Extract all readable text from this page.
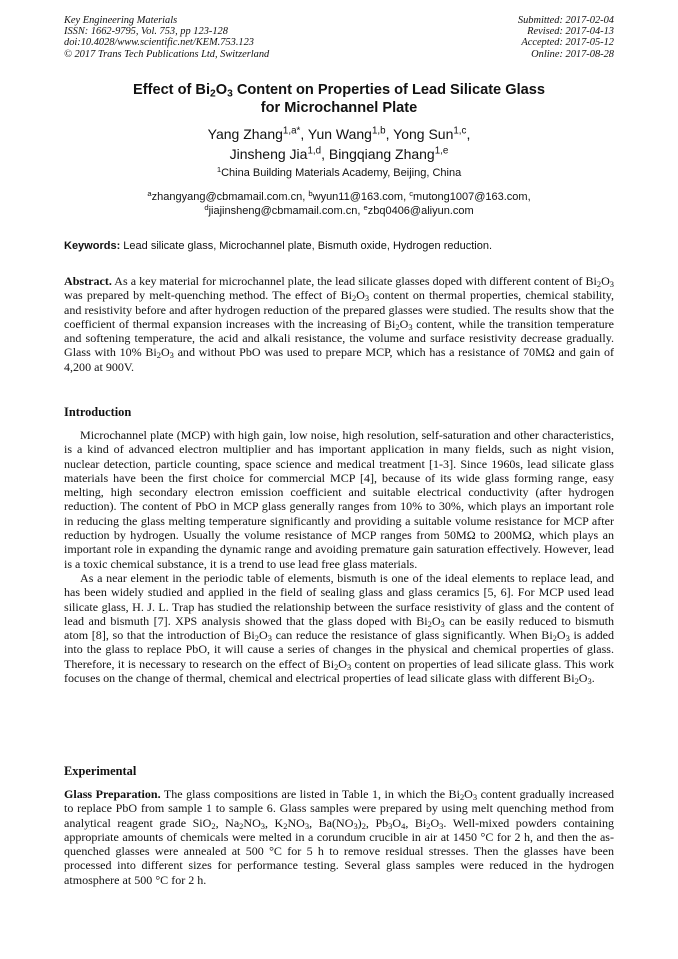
Key Engineering Materials
ISSN: 1662-9795, Vol. 753, pp 123-128
doi:10.4028/www.scientific.net/KEM.753.123
© 2017 Trans Tech Publications Ltd, Switzerland
Submitted: 2017-02-04
Revised: 2017-04-13
Accepted: 2017-05-12
Online: 2017-08-28
Effect of $Bi_2O_3$ Content on Properties of Lead Silicate Glass
for Microchannel Plate
Yang Zhang$^{1,a*}$, Yun Wang$^{1,b}$, Yong Sun$^{1,c}$,
Jinsheng Jia$^{1,d}$, Bingqiang Zhang$^{1,e}$
$^1$China Building Materials Academy, Beijing, China
$^a$zhangyang@cbmamail.com.cn, $^b$wyun11@163.com, $^c$mutong1007@163.com,
$^d$jiajinsheng@cbmamail.com.cn, $^e$zbq0406@aliyun.com
Keywords: Lead silicate glass, Microchannel plate, Bismuth oxide, Hydrogen reduction.

Abstract. As a key material for microchannel plate, the lead silicate glasses doped with different content of $Bi_2O_3$ was prepared by melt-quenching method. The effect of $Bi_2O_3$ content on thermal properties, chemical stability, and resistivity before and after hydrogen reduction of the prepared glasses were studied. The results show that the coefficient of thermal expansion increases with the increasing of $Bi_2O_3$ content, while the transition temperature and softening temperature, the acid and alkali resistance, the volume and surface resistivity decrease gradually. Glass with 10% $Bi_2O_3$ and without PbO was used to prepare MCP, which has a resistance of 70MΩ and gain of 4,200 at 900V.

Introduction

Microchannel plate (MCP) with high gain, low noise, high resolution, self-saturation and other characteristics, is a kind of advanced electron multiplier and has important application in many fields, such as night vision, nuclear detection, particle counting, space science and medical treatment [1-3]. Since 1960s, lead silicate glass materials have been the first choice for commercial MCP [4], because of its wide glass forming range, easy melting, high secondary electron emission coefficient and suitable electrical conductivity (after hydrogen reduction). The content of PbO in MCP glass generally ranges from 10% to 30%, which plays an important role in reducing the glass melting temperature significantly and providing a suitable volume resistance for MCP after reduction by hydrogen. Usually the volume resistance of MCP ranges from 50MΩ to 200MΩ, which plays an important role in expanding the dynamic range and avoiding premature gain saturation effectively. However, lead is a toxic chemical substance, it is a trend to use lead free glass materials.

As a near element in the periodic table of elements, bismuth is one of the ideal elements to replace lead, and has been widely studied and applied in the field of sealing glass and glass ceramics [5, 6]. For MCP used lead silicate glass, H. J. L. Trap has studied the relationship between the surface resistivity of glass and the content of lead and bismuth [7]. XPS analysis showed that the glass doped with $Bi_2O_3$ can be easily reduced to bismuth atom [8], so that the introduction of $Bi_2O_3$ can reduce the resistance of glass significantly. When $Bi_2O_3$ is added into the glass to replace PbO, it will cause a series of changes in the physical and chemical properties of glass. Therefore, it is necessary to research on the effect of $Bi_2O_3$ content on properties of lead silicate glass. This work focuses on the change of thermal, chemical and electrical properties of lead silicate glass with different $Bi_2O_3$.

Experimental

Glass Preparation. The glass compositions are listed in Table 1, in which the $Bi_2O_3$ content gradually increased to replace PbO from sample 1 to sample 6. Glass samples were prepared by using melt quenching method from analytical reagent grade SiO$_2$, $Na_2NO_3$, $K_2NO_3$, $Ba(NO_3)_2$, $Pb_3O_4$, $Bi_2O_3$. Well-mixed powders containing appropriate amounts of chemicals were melted in a corundum crucible in air at 1450 °C for 2 h, and then the as-quenched glasses were annealed at 500 °C for 5 h to remove residual stresses. Then the glasses have been processed into different sizes for performance testing. Several glass samples were reduced in the hydrogen atmosphere at 500 °C for 2 h.
